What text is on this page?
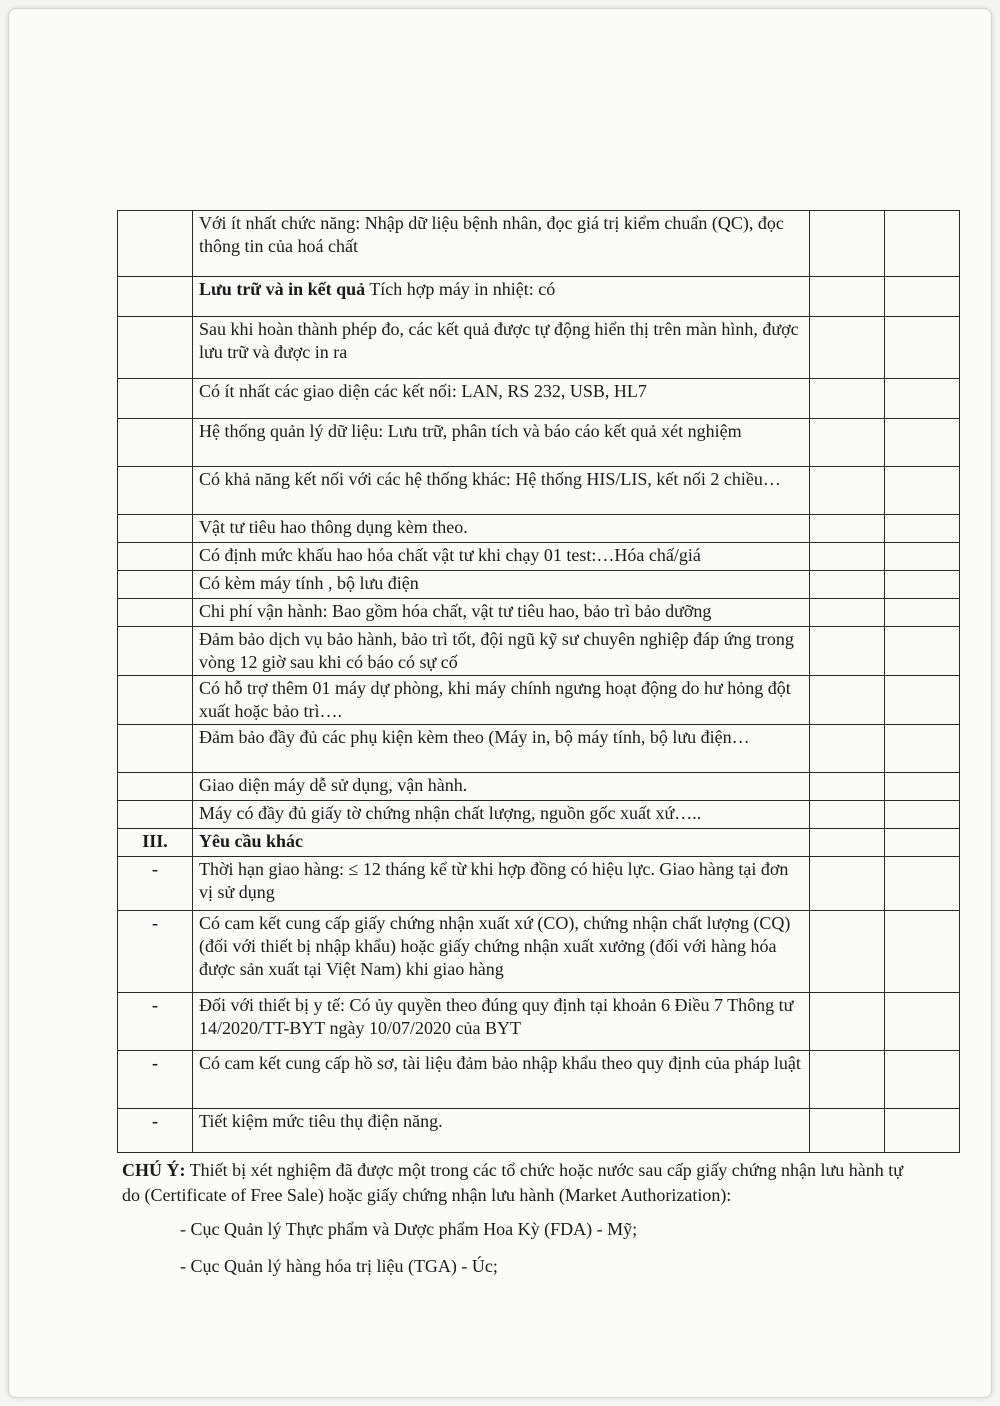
	Với ít nhất chức năng: Nhập dữ liệu bệnh nhân, đọc giá trị kiểm chuẩn (QC), đọc thông tin của hoá chất		
	Lưu trữ và in kết quả Tích hợp máy in nhiệt: có		
	Sau khi hoàn thành phép đo, các kết quả được tự động hiển thị trên màn hình, được lưu trữ và được in ra		
	Có ít nhất các giao diện các kết nối: LAN, RS 232, USB, HL7		
	Hệ thống quản lý dữ liệu: Lưu trữ, phân tích và báo cáo kết quả xét nghiệm		
	Có khả năng kết nối với các hệ thống khác: Hệ thống HIS/LIS, kết nối 2 chiều…		
	Vật tư tiêu hao thông dụng kèm theo.		
	Có định mức khấu hao hóa chất vật tư khi chạy 01 test:…Hóa chấ/giá		
	Có kèm máy tính , bộ lưu điện		
	Chi phí vận hành: Bao gồm hóa chất, vật tư tiêu hao, bảo trì bảo dưỡng		
	Đảm bảo dịch vụ bảo hành, bảo trì tốt, đội ngũ kỹ sư chuyên nghiệp đáp ứng trong vòng 12 giờ sau khi có báo có sự cố		
	Có hỗ trợ thêm 01 máy dự phòng, khi máy chính ngưng hoạt động do hư hỏng đột xuất hoặc bảo trì….		
	Đảm bảo đầy đủ các phụ kiện kèm theo (Máy in, bộ máy tính, bộ lưu điện…		
	Giao diện máy dễ sử dụng, vận hành.		
	Máy có đầy đủ giấy tờ chứng nhận chất lượng, nguồn gốc xuất xứ…..		
III.	Yêu cầu khác		
-	Thời hạn giao hàng: ≤ 12 tháng kể từ khi hợp đồng có hiệu lực. Giao hàng tại đơn vị sử dụng		
-	Có cam kết cung cấp giấy chứng nhận xuất xứ (CO), chứng nhận chất lượng (CQ) (đối với thiết bị nhập khẩu) hoặc giấy chứng nhận xuất xưởng (đối với hàng hóa được sản xuất tại Việt Nam) khi giao hàng		
-	Đối với thiết bị y tế: Có ủy quyền theo đúng quy định tại khoản 6 Điều 7 Thông tư 14/2020/TT-BYT ngày 10/07/2020 của BYT		
-	Có cam kết cung cấp hồ sơ, tài liệu đảm bảo nhập khẩu theo quy định của pháp luật		
-	Tiết kiệm mức tiêu thụ điện năng.		

CHÚ Ý: Thiết bị xét nghiệm đã được một trong các tổ chức hoặc nước sau cấp giấy chứng nhận lưu hành tự do (Certificate of Free Sale) hoặc giấy chứng nhận lưu hành (Market Authorization):

- Cục Quản lý Thực phẩm và Dược phẩm Hoa Kỳ (FDA) - Mỹ;

- Cục Quản lý hàng hóa trị liệu (TGA) - Úc;
